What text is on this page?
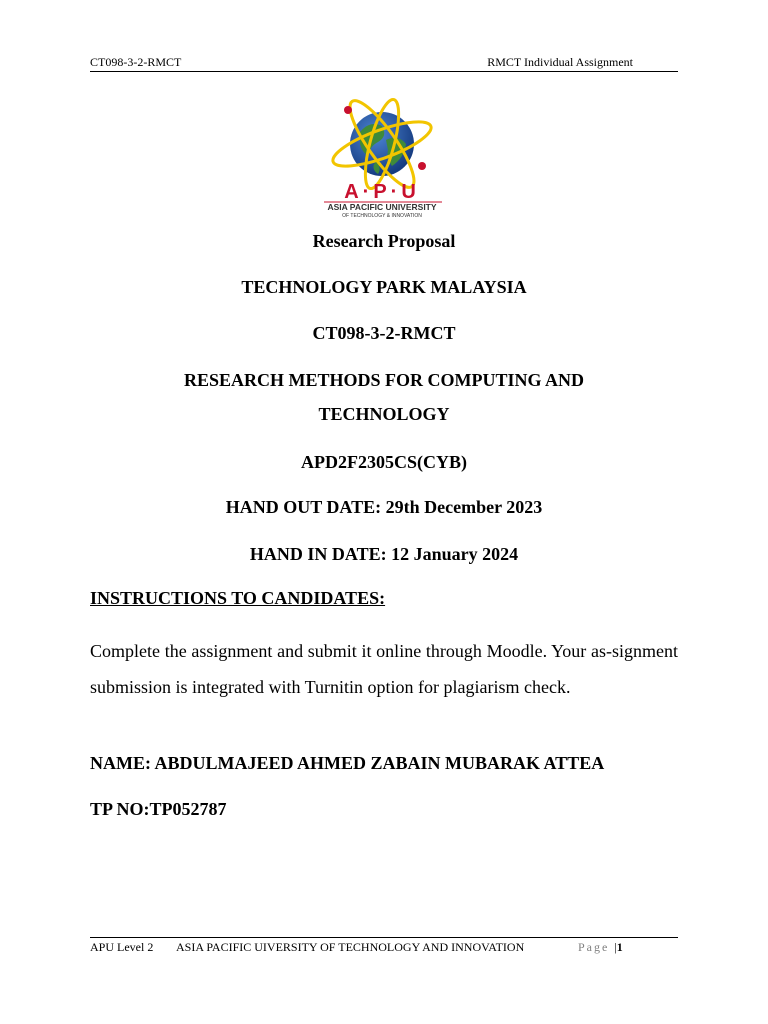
CT098-3-2-RMCT	RMCT Individual Assignment
A·P·U
ASIA PACIFIC UNIVERSITY
OF TECHNOLOGY & INNOVATION
Research Proposal
TECHNOLOGY PARK MALAYSIA
CT098-3-2-RMCT
RESEARCH METHODS FOR COMPUTING AND
TECHNOLOGY
APD2F2305CS(CYB)
HAND OUT DATE: 29th December 2023
HAND IN DATE: 12 January 2024
INSTRUCTIONS TO CANDIDATES:
Complete the assignment and submit it online through Moodle. Your as-signment submission is integrated with Turnitin option for plagiarism check.
NAME: ABDULMAJEED AHMED ZABAIN MUBARAK ATTEA
TP NO:TP052787
APU Level 2 ASIA PACIFIC UIVERSITY OF TECHNOLOGY AND INNOVATION	Page |1
